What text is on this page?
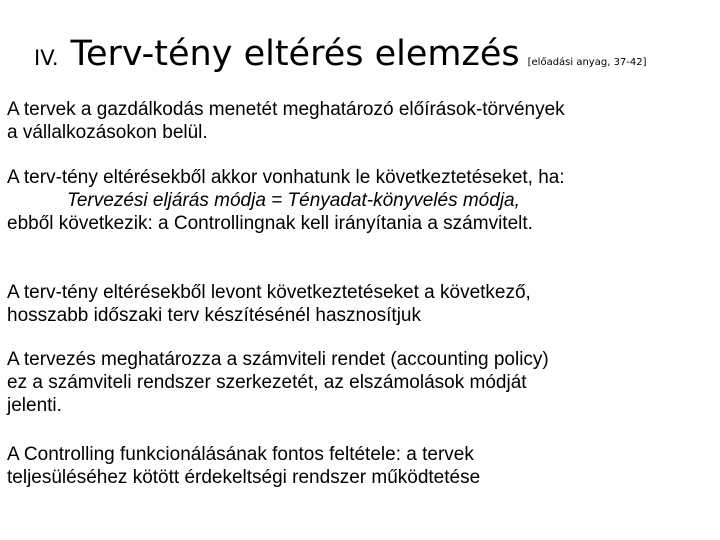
IV. Terv-tény eltérés elemzés [előadási anyag, 37-42]
A tervek a gazdálkodás menetét meghatározó előírások-törvények
a vállalkozásokon belül.
A terv-tény eltérésekből akkor vonhatunk le következtetéseket, ha:
Tervezési eljárás módja = Tényadat-könyvelés módja,
ebből következik: a Controllingnak kell irányítania a számvitelt.
A terv-tény eltérésekből levont következtetéseket a következő,
hosszabb időszaki terv készítésénél hasznosítjuk
A tervezés meghatározza a számviteli rendet (accounting policy)
ez a számviteli rendszer szerkezetét, az elszámolások módját
jelenti.
A Controlling funkcionálásának fontos feltétele: a tervek
teljesüléséhez kötött érdekeltségi rendszer működtetése
